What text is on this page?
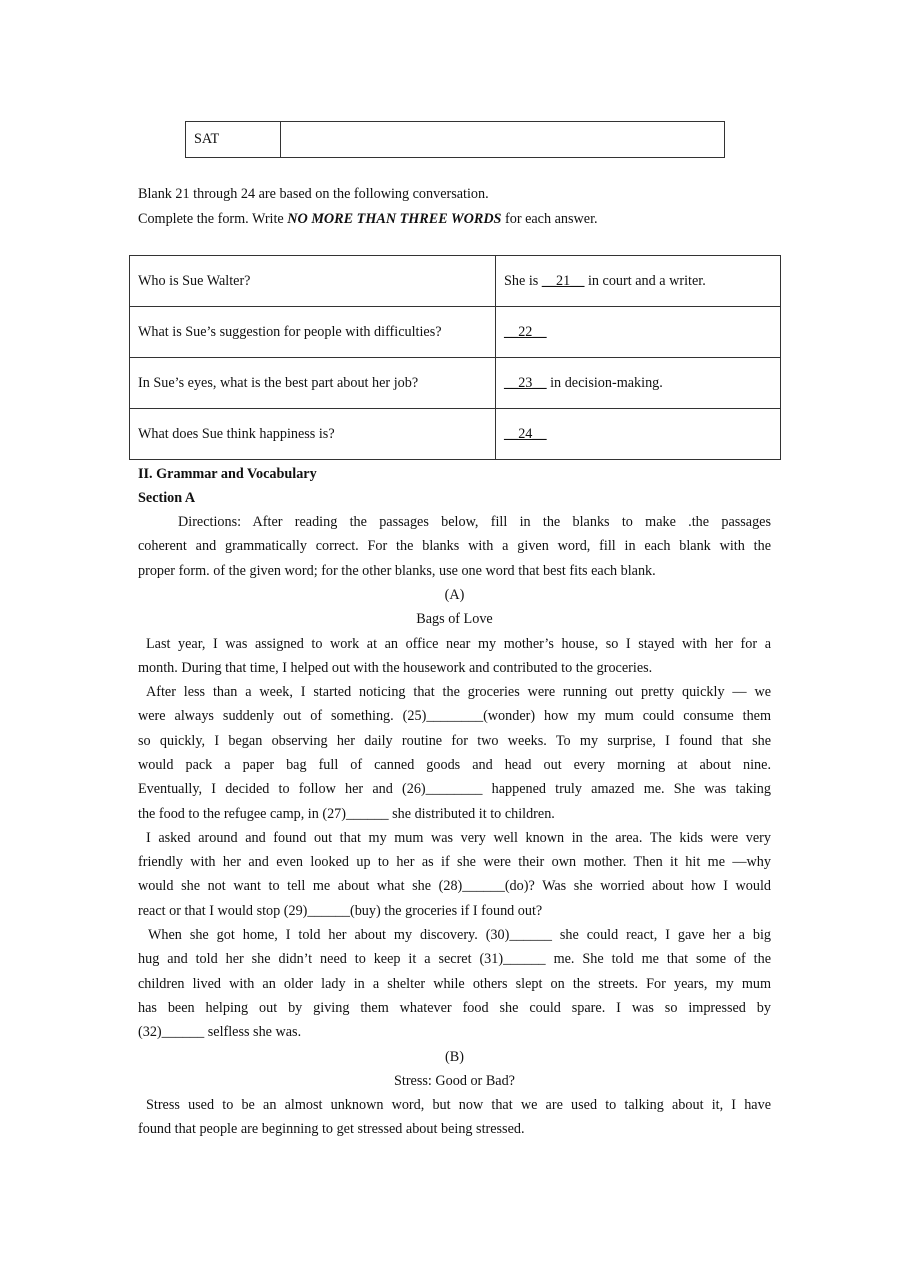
SAT	
Blank 21 through 24 are based on the following conversation.
Complete the form. Write NO MORE THAN THREE WORDS for each answer.
Who is Sue Walter?	She is __21__ in court and a writer.
What is Sue’s suggestion for people with difficulties?	__22__
In Sue’s eyes, what is the best part about her job?	__23__ in decision-making.
What does Sue think happiness is?	__24__
II. Grammar and Vocabulary
Section A
Directions: After reading the passages below, fill in the blanks to make .the passages
coherent and grammatically correct. For the blanks with a given word, fill in each blank with the
proper form. of the given word; for the other blanks, use one word that best fits each blank.
(A)
Bags of Love
Last year, I was assigned to work at an office near my mother’s house, so I stayed with her for a
month. During that time, I helped out with the housework and contributed to the groceries.
After less than a week, I started noticing that the groceries were running out pretty quickly — we
were always suddenly out of something. (25)________(wonder) how my mum could consume them
so quickly, I began observing her daily routine for two weeks. To my surprise, I found that she
would pack a paper bag full of canned goods and head out every morning at about nine.
Eventually, I decided to follow her and (26)________ happened truly amazed me. She was taking
the food to the refugee camp, in (27)______ she distributed it to children.
I asked around and found out that my mum was very well known in the area. The kids were very
friendly with her and even looked up to her as if she were their own mother. Then it hit me —why
would she not want to tell me about what she (28)______(do)? Was she worried about how I would
react or that I would stop (29)______(buy) the groceries if I found out?
When she got home, I told her about my discovery. (30)______ she could react, I gave her a big
hug and told her she didn’t need to keep it a secret (31)______ me. She told me that some of the
children lived with an older lady in a shelter while others slept on the streets. For years, my mum
has been helping out by giving them whatever food she could spare. I was so impressed by
(32)______ selfless she was.
(B)
Stress: Good or Bad?
Stress used to be an almost unknown word, but now that we are used to talking about it, I have
found that people are beginning to get stressed about being stressed.
